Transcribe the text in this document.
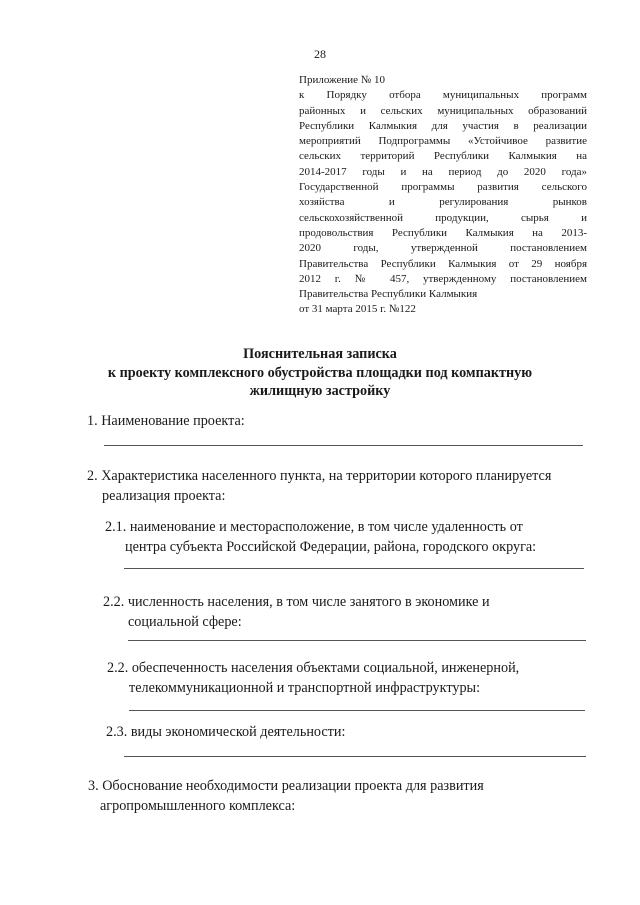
28
Приложение № 10
к Порядку отбора муниципальных программ
районных и сельских муниципальных образований
Республики Калмыкия для участия в реализации
мероприятий Подпрограммы «Устойчивое развитие
сельских территорий Республики Калмыкия на
2014-2017 годы и на период до 2020 года»
Государственной программы развития сельского
хозяйства и регулирования рынков
сельскохозяйственной продукции, сырья и
продовольствия Республики Калмыкия на 2013-
2020 годы, утвержденной постановлением
Правительства Республики Калмыкия от 29 ноября
2012 г. № 457, утвержденному постановлением
Правительства Республики Калмыкия
от 31 марта 2015 г. №122
Пояснительная записка
к проекту комплексного обустройства площадки под компактную
жилищную застройку
1. Наименование проекта:
2. Характеристика населенного пункта, на территории которого планируется
реализация проекта:
2.1. наименование и месторасположение, в том числе удаленность от
центра субъекта Российской Федерации, района, городского округа:
2.2. численность населения, в том числе занятого в экономике и
социальной сфере:
2.2. обеспеченность населения объектами социальной, инженерной,
телекоммуникационной и транспортной инфраструктуры:
2.3. виды экономической деятельности:
3. Обоснование необходимости реализации проекта для развития
агропромышленного комплекса:
